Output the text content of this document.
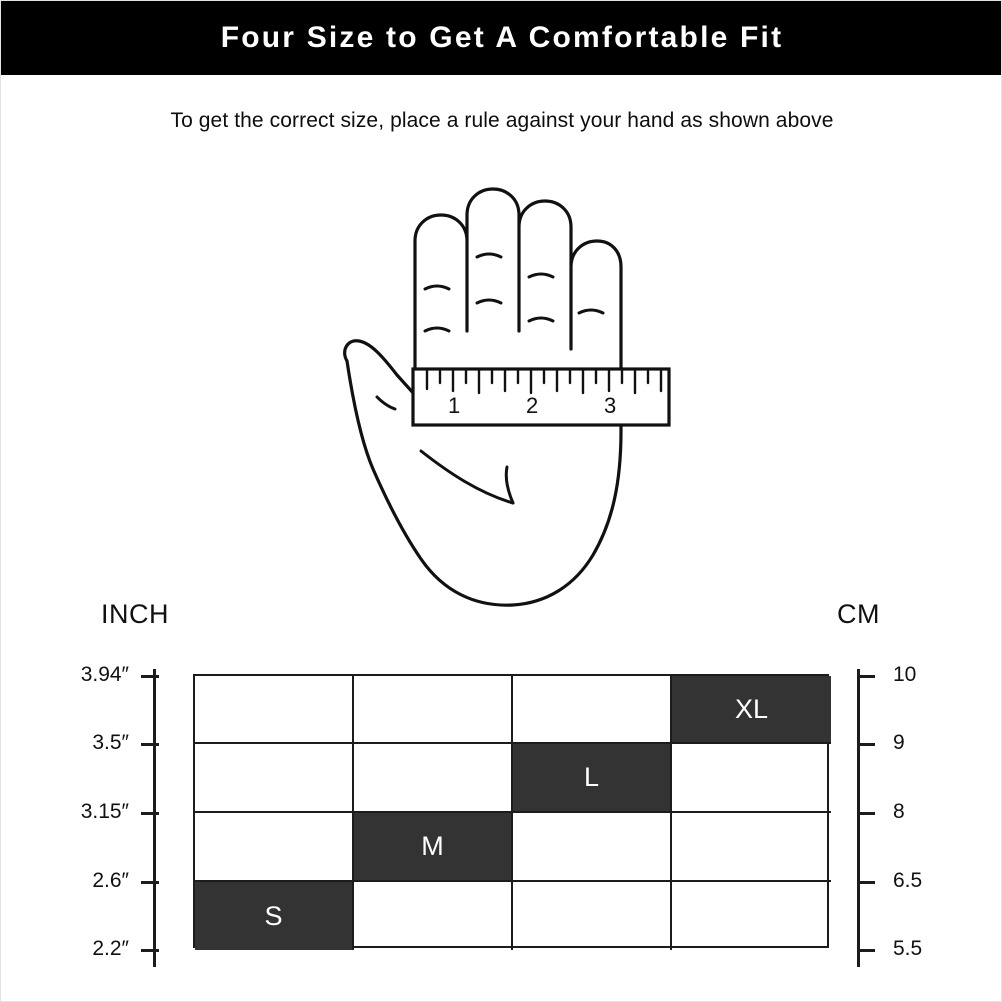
Four Size to Get A Comfortable Fit
To get the correct size, place a rule against your hand as shown above
1	2	3
INCH	CM
3.94″
3.5″
3.15″
2.6″
2.2″
10
9
8
6.5
5.5
XL
L
M
S
